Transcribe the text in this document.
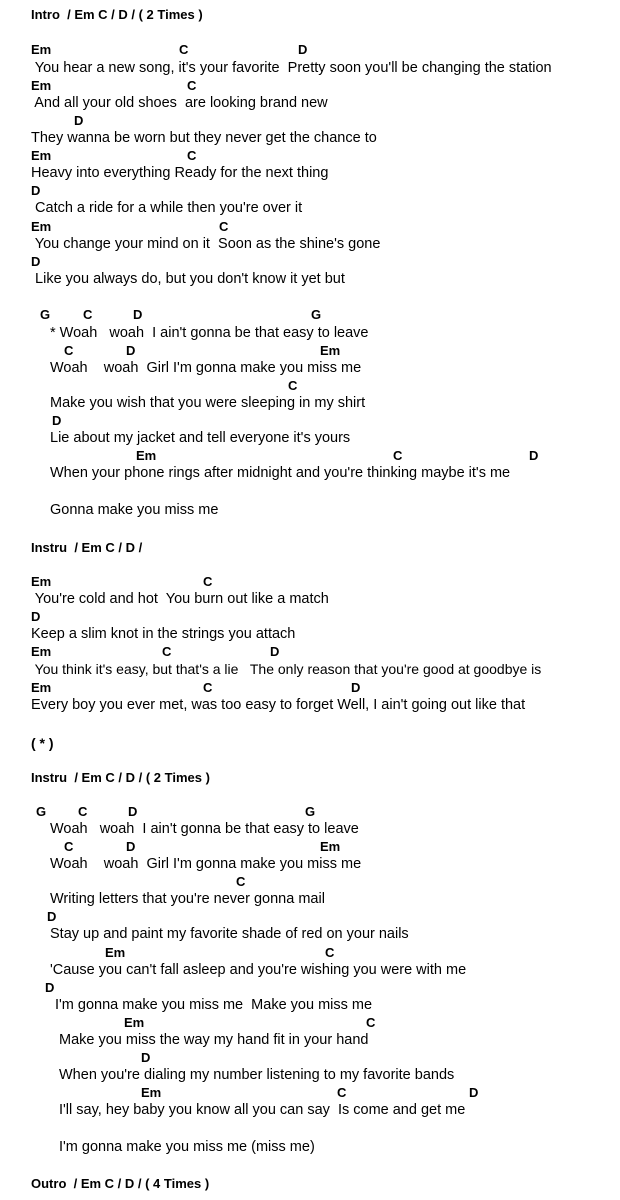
Intro  / Em C / D / ( 2 Times )
Em	C	D
You hear a new song, it's your favorite  Pretty soon you'll be changing the station
Em	C
And all your old shoes  are looking brand new
D
They wanna be worn but they never get the chance to
Em	C
Heavy into everything Ready for the next thing
D
Catch a ride for a while then you're over it
Em	C
You change your mind on it  Soon as the shine's gone
D
Like you always do, but you don't know it yet but
G	C	D	G
* Woah   woah  I ain't gonna be that easy to leave
C	D	Em
Woah    woah  Girl I'm gonna make you miss me
C
Make you wish that you were sleeping in my shirt
D
Lie about my jacket and tell everyone it's yours
Em	C	D
When your phone rings after midnight and you're thinking maybe it's me
Gonna make you miss me
Instru  / Em C / D /
Em	C
You're cold and hot  You burn out like a match
D
Keep a slim knot in the strings you attach
Em	C	D
You think it's easy, but that's a lie   The only reason that you're good at goodbye is
Em	C	D
Every boy you ever met, was too easy to forget Well, I ain't going out like that
( * )
Instru  / Em C / D / ( 2 Times )
G C	D	G
Woah   woah  I ain't gonna be that easy to leave
C	D	Em
Woah    woah  Girl I'm gonna make you miss me
C
Writing letters that you're never gonna mail
D
Stay up and paint my favorite shade of red on your nails
Em	C
'Cause you can't fall asleep and you're wishing you were with me
D
I'm gonna make you miss me  Make you miss me
Em	C
Make you miss the way my hand fit in your hand
D
When you're dialing my number listening to my favorite bands
Em	C	D
I'll say, hey baby you know all you can say  Is come and get me
I'm gonna make you miss me (miss me)
Outro  / Em C / D / ( 4 Times )
